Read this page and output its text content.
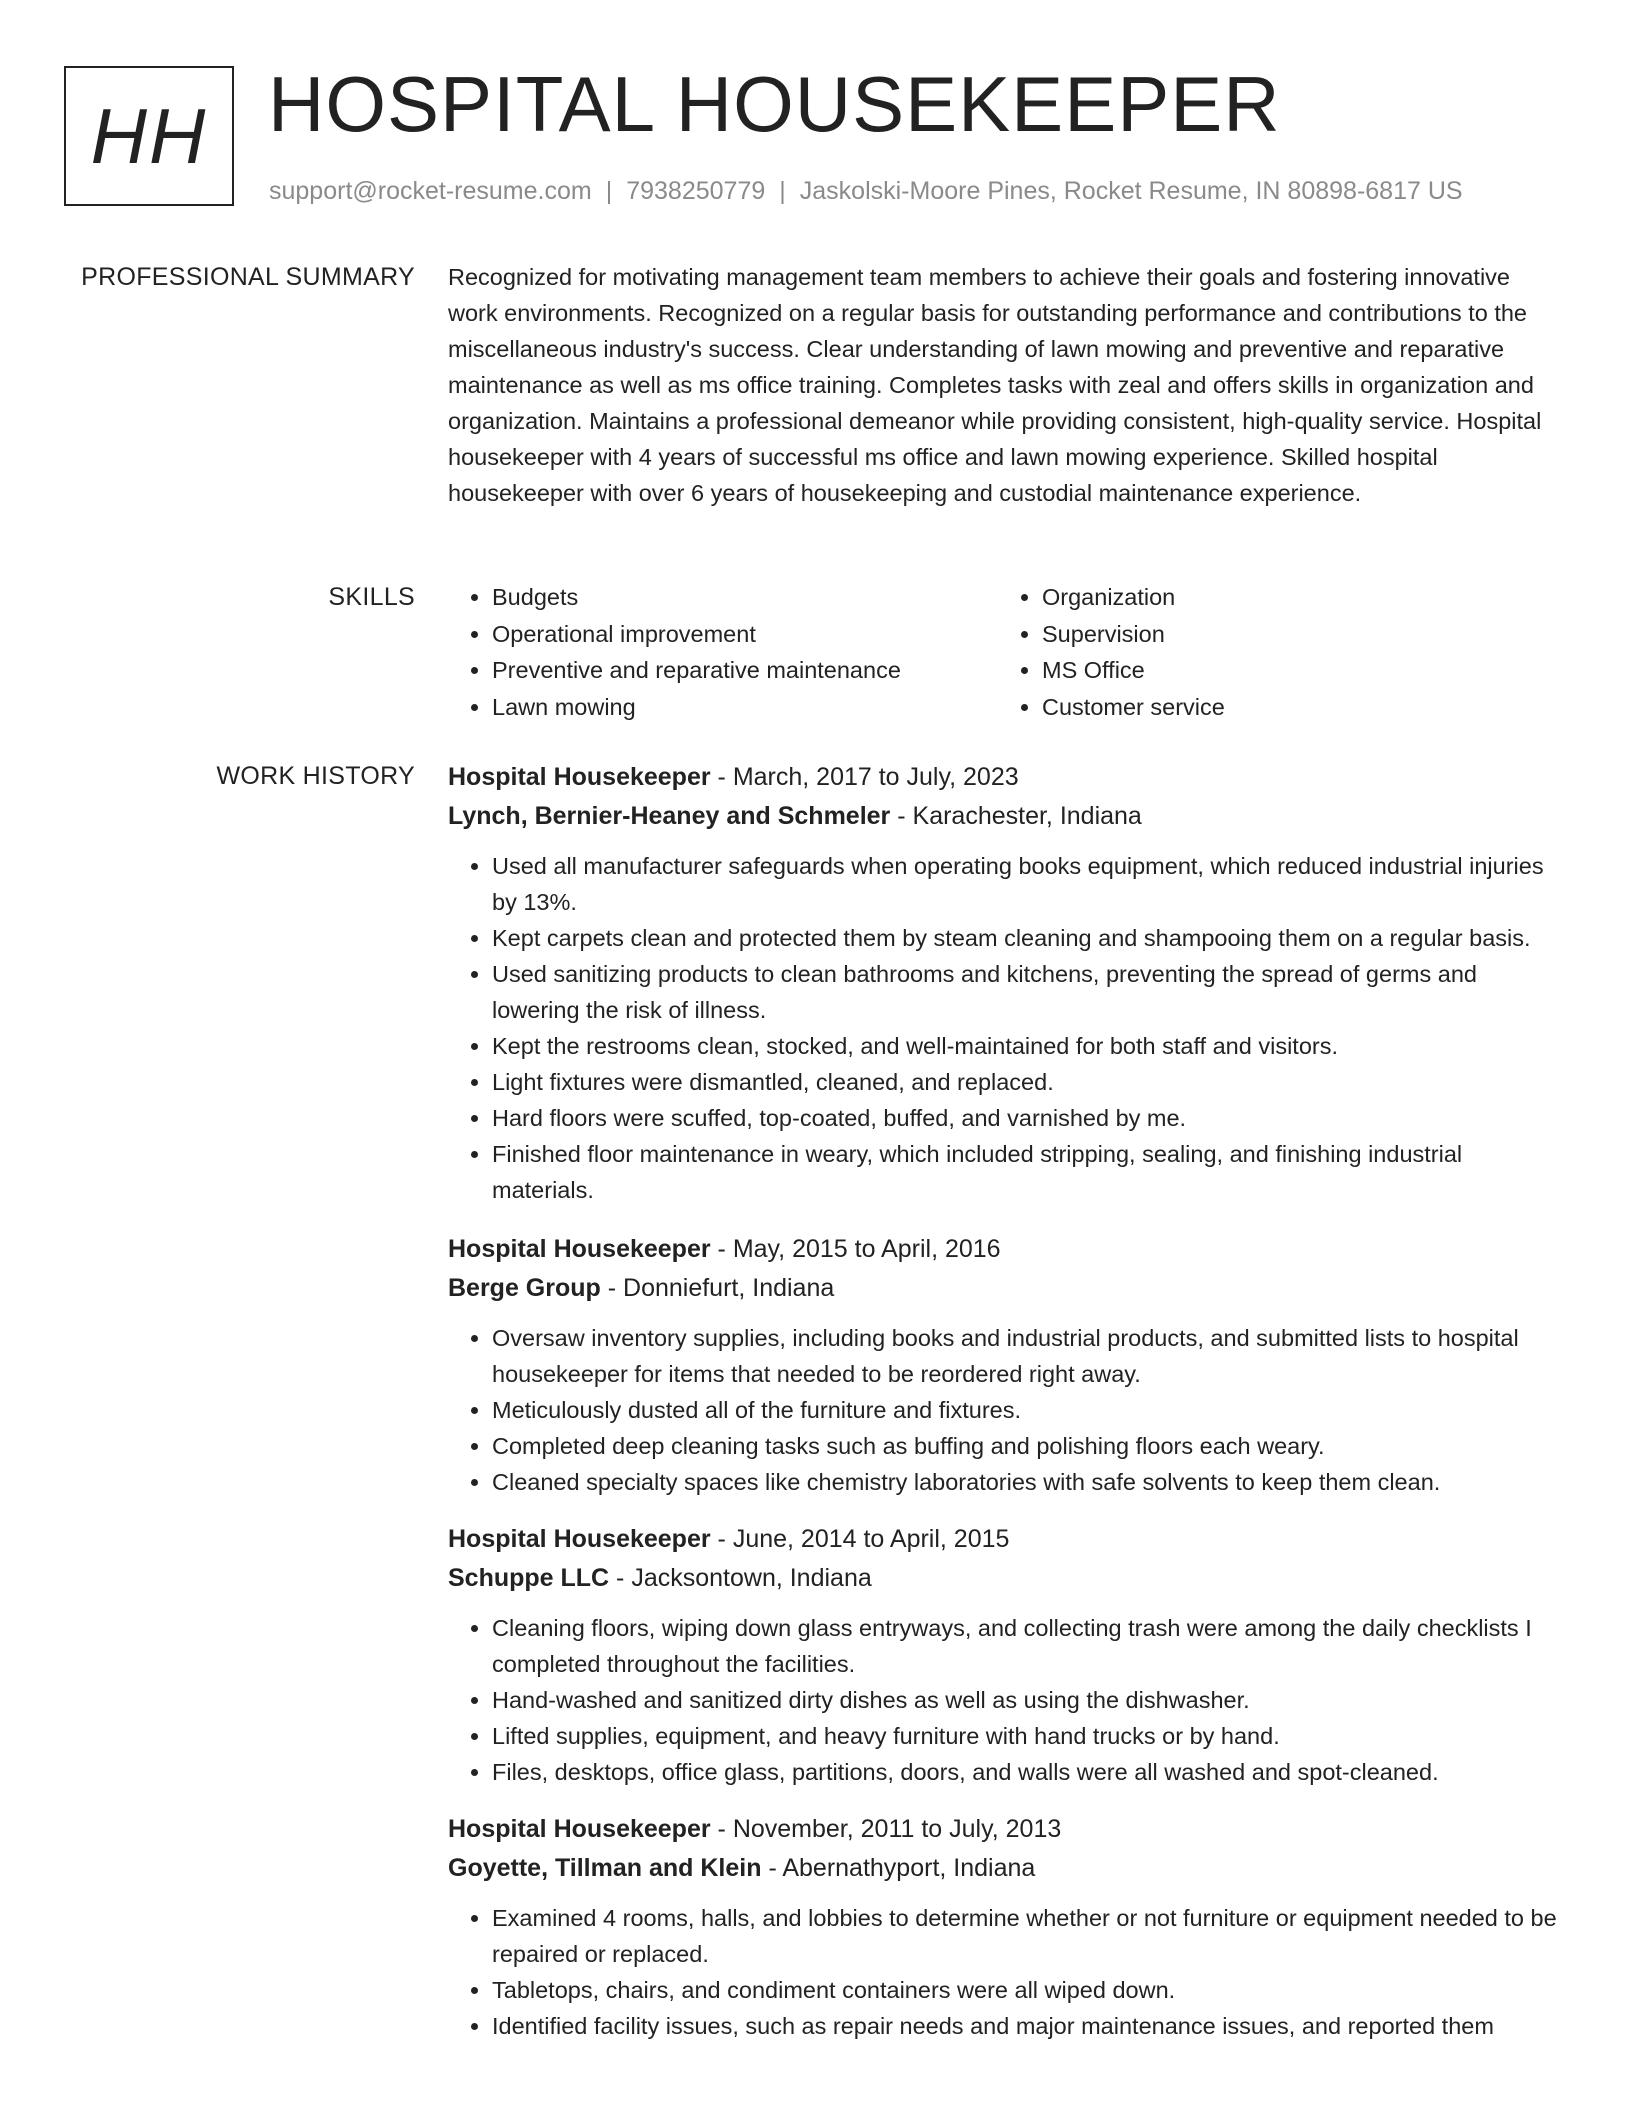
HH HOSPITAL HOUSEKEEPER
support@rocket-resume.com | 7938250779 | Jaskolski-Moore Pines, Rocket Resume, IN 80898-6817 US
PROFESSIONAL SUMMARY Recognized for motivating management team members to achieve their goals and fostering innovative work environments. Recognized on a regular basis for outstanding performance and contributions to the miscellaneous industry's success. Clear understanding of lawn mowing and preventive and reparative maintenance as well as ms office training. Completes tasks with zeal and offers skills in organization and organization. Maintains a professional demeanor while providing consistent, high-quality service. Hospital housekeeper with 4 years of successful ms office and lawn mowing experience. Skilled hospital housekeeper with over 6 years of housekeeping and custodial maintenance experience.

SKILLS
•	Budgets
• Operational improvement
• Preventive and reparative maintenance
• Lawn mowing
• Organization
• Supervision
• MS Office
• Customer service
WORK HISTORY Hospital Housekeeper - March, 2017 to July, 2023
Lynch, Bernier-Heaney and Schmeler - Karachester, Indiana
• Used all manufacturer safeguards when operating books equipment, which reduced industrial injuries by 13%.
• Kept carpets clean and protected them by steam cleaning and shampooing them on a regular basis.
• Used sanitizing products to clean bathrooms and kitchens, preventing the spread of germs and lowering the risk of illness.
• Kept the restrooms clean, stocked, and well-maintained for both staff and visitors.
• Light fixtures were dismantled, cleaned, and replaced.
• Hard floors were scuffed, top-coated, buffed, and varnished by me.
• Finished floor maintenance in weary, which included stripping, sealing, and finishing industrial materials.
Hospital Housekeeper - May, 2015 to April, 2016
Berge Group - Donniefurt, Indiana
• Oversaw inventory supplies, including books and industrial products, and submitted lists to hospital housekeeper for items that needed to be reordered right away.
• Meticulously dusted all of the furniture and fixtures.
• Completed deep cleaning tasks such as buffing and polishing floors each weary.
• Cleaned specialty spaces like chemistry laboratories with safe solvents to keep them clean.
Hospital Housekeeper - June, 2014 to April, 2015
Schuppe LLC - Jacksontown, Indiana
• Cleaning floors, wiping down glass entryways, and collecting trash were among the daily checklists I completed throughout the facilities.
• Hand-washed and sanitized dirty dishes as well as using the dishwasher.
• Lifted supplies, equipment, and heavy furniture with hand trucks or by hand.
• Files, desktops, office glass, partitions, doors, and walls were all washed and spot-cleaned.
Hospital Housekeeper - November, 2011 to July, 2013
Goyette, Tillman and Klein - Abernathyport, Indiana
• Examined 4 rooms, halls, and lobbies to determine whether or not furniture or equipment needed to be repaired or replaced.
• Tabletops, chairs, and condiment containers were all wiped down.
• Identified facility issues, such as repair needs and major maintenance issues, and reported them
